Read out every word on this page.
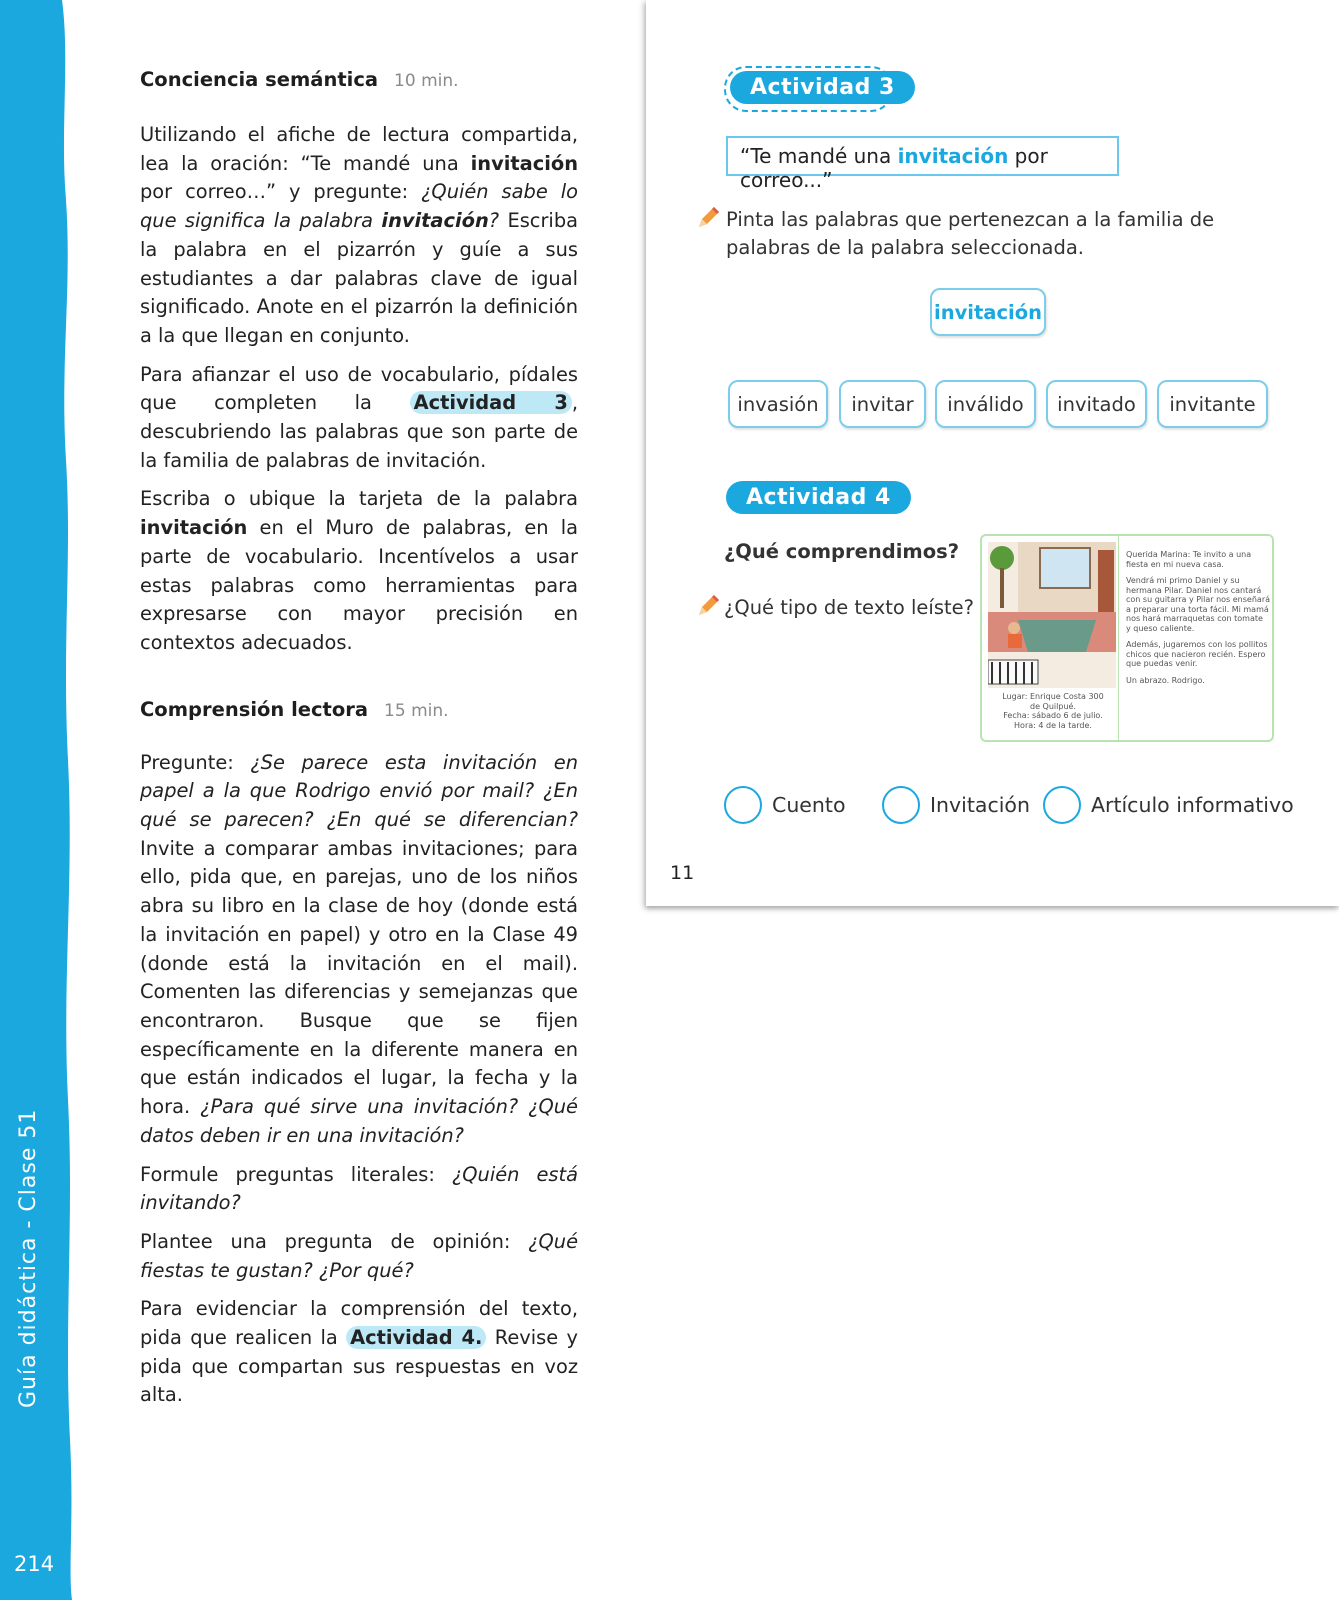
Guía didáctica - Clase 51
214
Conciencia semántica 10 min.

Utilizando el afiche de lectura compartida, lea la oración: “Te mandé una invitación por correo…” y pregunte: ¿Quién sabe lo que significa la palabra invitación? Escriba la palabra en el pizarrón y guíe a sus estudiantes a dar palabras clave de igual significado. Anote en el pizarrón la definición a la que llegan en conjunto.

Para afianzar el uso de vocabulario, pídales que completen la Actividad 3 , descubriendo las palabras que son parte de la familia de palabras de invitación.

Escriba o ubique la tarjeta de la palabra invitación en el Muro de palabras, en la parte de vocabulario. Incentívelos a usar estas palabras como herramientas para expresarse con mayor precisión en contextos adecuados.

Comprensión lectora 15 min.

Pregunte: ¿Se parece esta invitación en papel a la que Rodrigo envió por mail? ¿En qué se parecen? ¿En qué se diferencian? Invite a comparar ambas invitaciones; para ello, pida que, en parejas, uno de los niños abra su libro en la clase de hoy (donde está la invitación en papel) y otro en la Clase 49 (donde está la invitación en el mail). Comenten las diferencias y semejanzas que encontraron. Busque que se fijen específicamente en la diferente manera en que están indicados el lugar, la fecha y la hora. ¿Para qué sirve una invitación? ¿Qué datos deben ir en una invitación?

Formule preguntas literales: ¿Quién está invitando?

Plantee una pregunta de opinión: ¿Qué fiestas te gustan? ¿Por qué?

Para evidenciar la comprensión del texto, pida que realicen la Actividad 4. Revise y pida que compartan sus respuestas en voz alta.

Actividad 3
“Te mandé una invitación por correo...”
Pinta las palabras que pertenezcan a la familia de palabras de la palabra seleccionada.
invitación
invasión	invitar	inválido	invitado	invitante
Actividad 4
¿Qué comprendimos?
¿Qué tipo de texto leíste?
Lugar: Enrique Costa 300
de Quilpué.
Fecha: sábado 6 de julio.
Hora: 4 de la tarde.

Querida Marina: Te invito a una fiesta en mi nueva casa.

Vendrá mi primo Daniel y su hermana Pilar. Daniel nos cantará con su guitarra y Pilar nos enseñará a preparar una torta fácil. Mi mamá nos hará marraquetas con tomate y queso caliente.

Además, jugaremos con los pollitos chicos que nacieron recién. Espero que puedas venir.

Un abrazo. Rodrigo.

Cuento	Invitación	Artículo informativo
11
